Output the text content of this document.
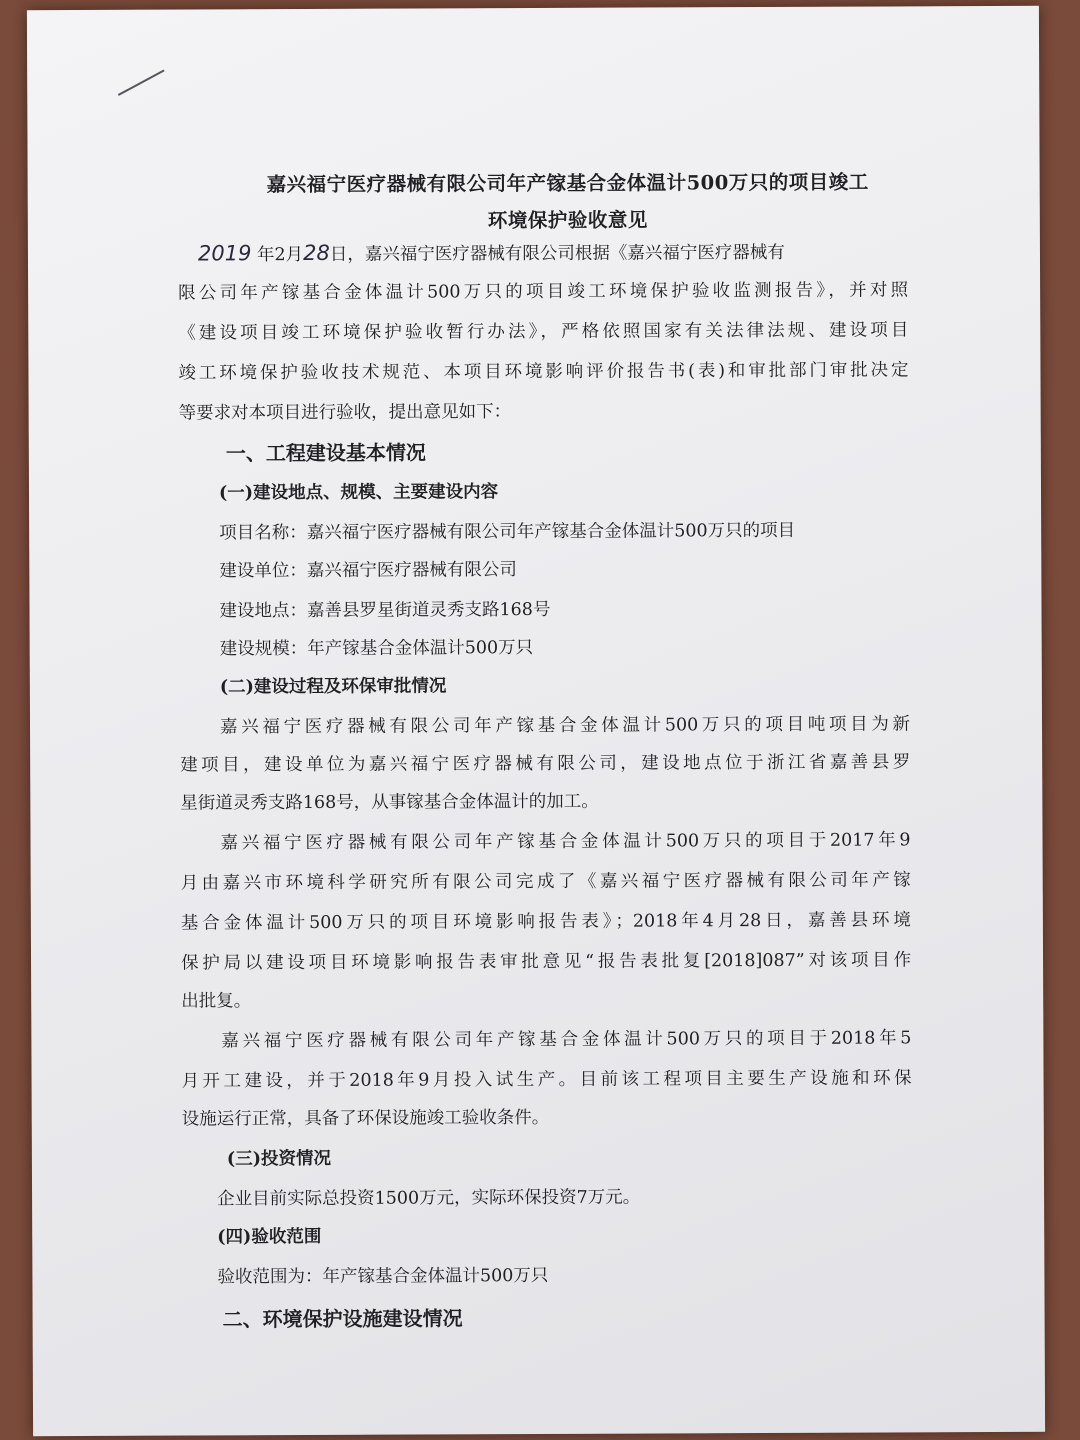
嘉兴福宁医疗器械有限公司年产镓基合金体温计500万只的项目竣工
环境保护验收意见
2019 年2月28日，嘉兴福宁医疗器械有限公司根据《嘉兴福宁医疗器械有
限公司年产镓基合金体温计500万只的项目竣工环境保护验收监测报告》，并对照
《建设项目竣工环境保护验收暂行办法》，严格依照国家有关法律法规、建设项目
竣工环境保护验收技术规范、本项目环境影响评价报告书(表)和审批部门审批决定
等要求对本项目进行验收，提出意见如下：
一、工程建设基本情况
(一)建设地点、规模、主要建设内容
项目名称：嘉兴福宁医疗器械有限公司年产镓基合金体温计500万只的项目
建设单位：嘉兴福宁医疗器械有限公司
建设地点：嘉善县罗星街道灵秀支路168号
建设规模：年产镓基合金体温计500万只
(二)建设过程及环保审批情况
嘉兴福宁医疗器械有限公司年产镓基合金体温计500万只的项目吨项目为新
建项目，建设单位为嘉兴福宁医疗器械有限公司，建设地点位于浙江省嘉善县罗
星街道灵秀支路168号，从事镓基合金体温计的加工。
嘉兴福宁医疗器械有限公司年产镓基合金体温计500万只的项目于2017年9
月由嘉兴市环境科学研究所有限公司完成了《嘉兴福宁医疗器械有限公司年产镓
基合金体温计500万只的项目环境影响报告表》；2018年4月28日，嘉善县环境
保护局以建设项目环境影响报告表审批意见“报告表批复[2018]087”对该项目作
出批复。
嘉兴福宁医疗器械有限公司年产镓基合金体温计500万只的项目于2018年5
月开工建设，并于2018年9月投入试生产。目前该工程项目主要生产设施和环保
设施运行正常，具备了环保设施竣工验收条件。
(三)投资情况
企业目前实际总投资1500万元，实际环保投资7万元。
(四)验收范围
验收范围为：年产镓基合金体温计500万只
二、环境保护设施建设情况
